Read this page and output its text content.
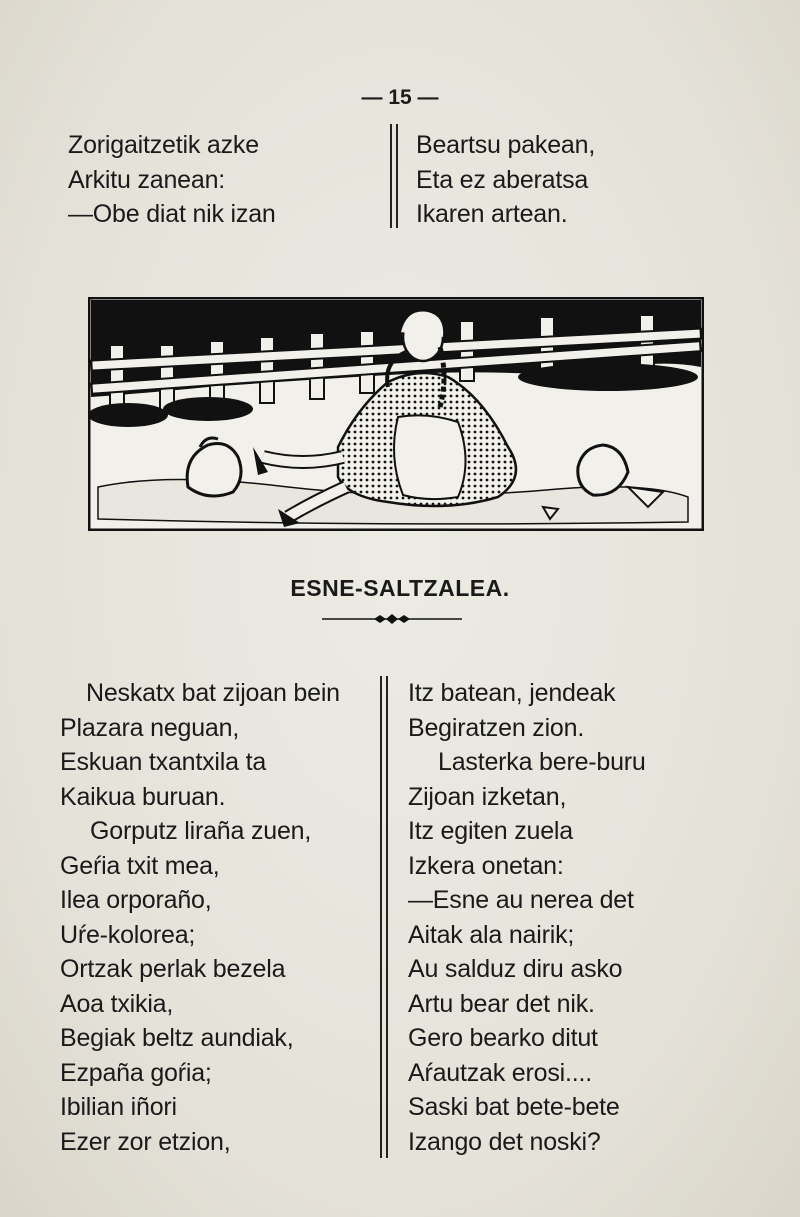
— 15 —
Zorigaitzetik azke
Arkitu zanean:
—Obe diat nik izan
Beartsu pakean,
Eta ez aberatsa
Ikaren artean.
ESNE-SALTZALEA.
Neskatx bat zijoan bein
Plazara neguan,
Eskuan txantxila ta
Kaikua buruan.
Gorputz lirañа zuen,
Geŕia txit mea,
Ilea orporaño,
Uŕe-kolorea;
Ortzak perlak bezela
Aoa txikia,
Begiak beltz aundiak,
Ezpaña goŕia;
Ibilian iñori
Ezer zor etzion,
Itz batean, jendeak
Begiratzen zion.
Lasterka bere-buru
Zijoan izketan,
Itz egiten zuela
Izkera onetan:
—Esne au nerea det
Aitak ala nairik;
Au salduz diru asko
Artu bear det nik.
Gero bearko ditut
Aŕautzak erosi....
Saski bat bete-bete
Izango det noski?
